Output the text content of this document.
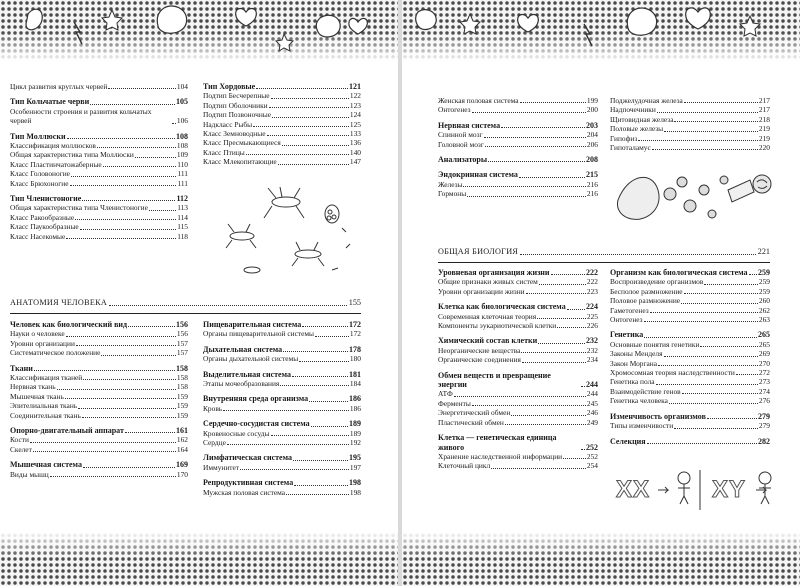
Цикл развития круглых червей	104
Тип Кольчатые черви	105
Особенности строения и развития кольчатых червей	106
Тип Моллюски	108
Классификация моллюсков	108
Общая характеристика типа Моллюски	109
Класс Пластинчатожаберные	110
Класс Головоногие	111
Класс Брюхоногие	111
Тип Членистоногие	112
Общая характеристика типа Членистоногие	113
Класс Ракообразные	114
Класс Паукообразные	115
Класс Насекомые	118
Тип Хордовые	121
Подтип Бесчерепные	122
Подтип Оболочники	123
Подтип Позвоночные	124
Надкласс Рыбы	125
Класс Земноводные	133
Класс Пресмыкающиеся	136
Класс Птицы	140
Класс Млекопитающие	147
АНАТОМИЯ ЧЕЛОВЕКА	155
Человек как биологический вид	156
Науки о человеке	156
Уровни организации	157
Систематическое положение	157
Ткани	158
Классификация тканей	158
Нервная ткань	158
Мышечная ткань	159
Эпителиальная ткань	159
Соединительная ткань	159
Опорно-двигательный аппарат	161
Кости	162
Скелет	164
Мышечная система	169
Виды мышц	170
Пищеварительная система	172
Органы пищеварительной системы	172
Дыхательная система	178
Органы дыхательной системы	180
Выделительная система	181
Этапы мочеобразования	184
Внутренняя среда организма	186
Кровь	186
Сердечно-сосудистая система	189
Кровеносные сосуды	189
Сердце	192
Лимфатическая система	195
Иммунитет	197
Репродуктивная система	198
Мужская половая система	198
Женская половая система	199
Онтогенез	200
Нервная система	203
Спинной мозг	204
Головной мозг	206
Анализаторы	208
Эндокринная система	215
Железы	216
Гормоны	216
Поджелудочная железа	217
Надпочечники	217
Щитовидная железа	218
Половые железы	219
Гипофиз	219
Гипоталамус	220
ОБЩАЯ БИОЛОГИЯ	221
Уровневая организация жизни	222
Общие признаки живых систем	222
Уровни организации жизни	223
Клетка как биологическая система	224
Современная клеточная теория	225
Компоненты эукариотической клетки	226
Химический состав клетки	232
Неорганические вещества	232
Органические соединения	234
Обмен веществ и превращение энергии	244
АТФ	244
Ферменты	245
Энергетический обмен	246
Пластический обмен	249
Клетка — генетическая единица живого	252
Хранение наследственной информации	252
Клеточный цикл	254
Организм как биологическая система 259
Воспроизведение организмов	259
Бесполое размножение	259
Половое размножение	260
Гаметогенез	262
Онтогенез	263
Генетика	265
Основные понятия генетики	265
Законы Менделя	269
Закон Моргана	270
Хромосомная теория наследственности	272
Генетика пола	273
Взаимодействие генов	274
Генетика человека	276
Изменчивость организмов	279
Типы изменчивости	279
Селекция	282
XX	XY
